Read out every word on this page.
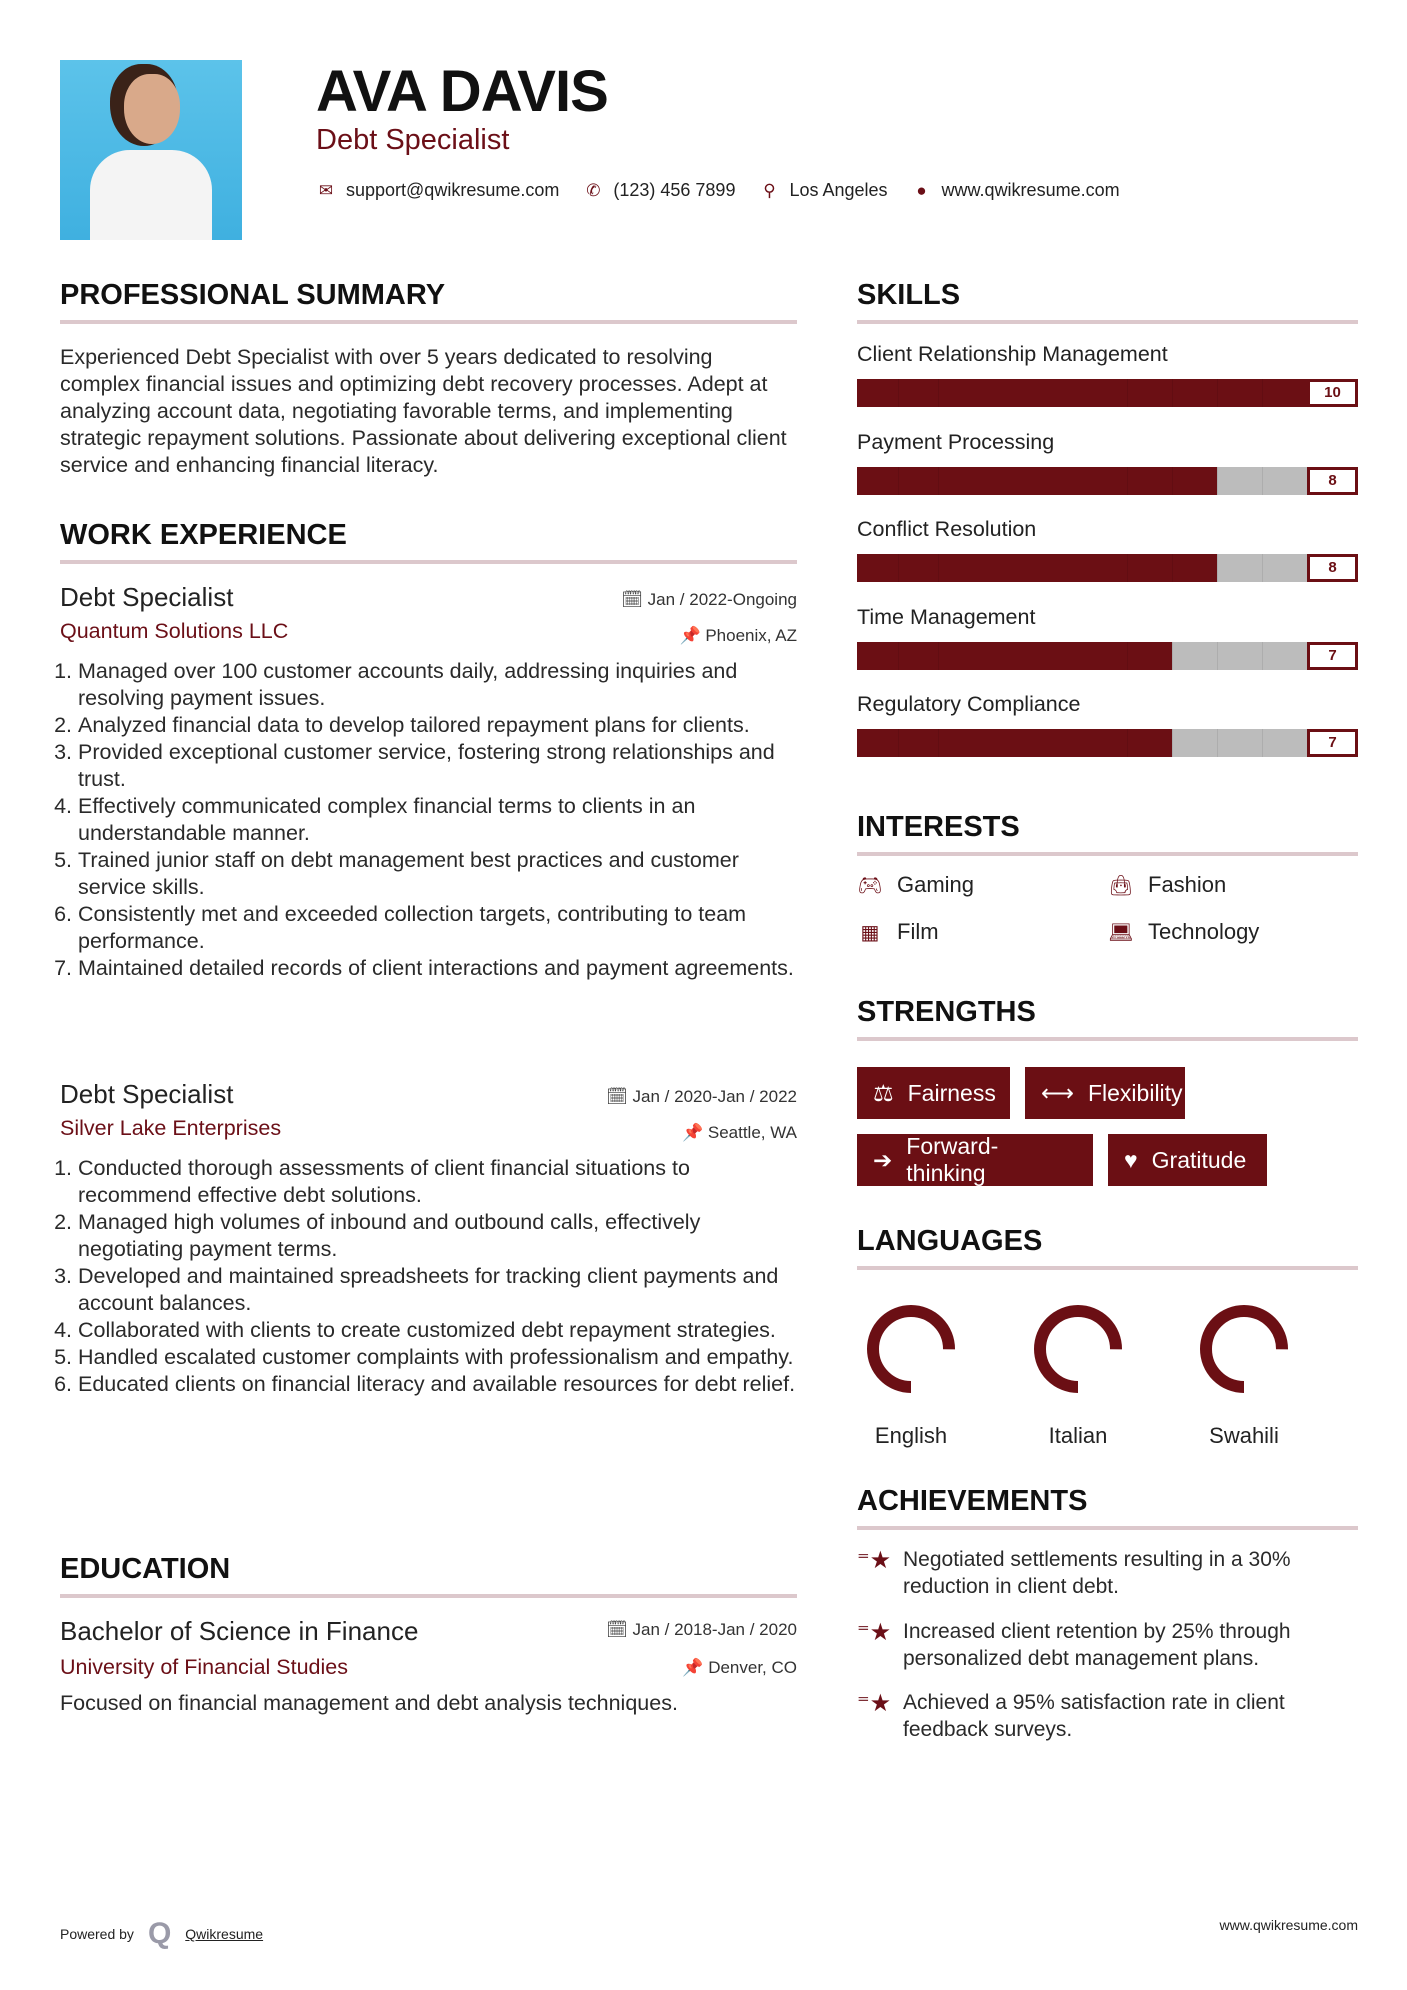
AVA DAVIS
Debt Specialist
✉ support@qwikresume.com ✆ (123) 456 7899 ⚲ Los Angeles ● www.qwikresume.com
PROFESSIONAL SUMMARY
Experienced Debt Specialist with over 5 years dedicated to resolving complex financial issues and optimizing debt recovery processes. Adept at analyzing account data, negotiating favorable terms, and implementing strategic repayment solutions. Passionate about delivering exceptional client service and enhancing financial literacy.
WORK EXPERIENCE
Debt Specialist	🗓 Jan / 2022-Ongoing
Quantum Solutions LLC	📌 Phoenix, AZ
1. Managed over 100 customer accounts daily, addressing inquiries and resolving payment issues.
2. Analyzed financial data to develop tailored repayment plans for clients.
3. Provided exceptional customer service, fostering strong relationships and trust.
4. Effectively communicated complex financial terms to clients in an understandable manner.
5. Trained junior staff on debt management best practices and customer service skills.
6. Consistently met and exceeded collection targets, contributing to team performance.
7. Maintained detailed records of client interactions and payment agreements.
Debt Specialist	🗓 Jan / 2020-Jan / 2022
Silver Lake Enterprises	📌 Seattle, WA
1. Conducted thorough assessments of client financial situations to recommend effective debt solutions.
2. Managed high volumes of inbound and outbound calls, effectively negotiating payment terms.
3. Developed and maintained spreadsheets for tracking client payments and account balances.
4. Collaborated with clients to create customized debt repayment strategies.
5. Handled escalated customer complaints with professionalism and empathy.
6. Educated clients on financial literacy and available resources for debt relief.
EDUCATION
Bachelor of Science in Finance	🗓 Jan / 2018-Jan / 2020
University of Financial Studies	📌 Denver, CO
Focused on financial management and debt analysis techniques.
SKILLS
Client Relationship Management
10
Payment Processing
8
Conflict Resolution
8
Time Management
7
Regulatory Compliance
7
INTERESTS
🎮︎ Gaming	👜︎ Fashion
▦ Film	💻︎ Technology
STRENGTHS
⚖ Fairness ⟷ Flexibility
➔
Forward-thinking
♥ Gratitude
LANGUAGES
English	Italian	Swahili
ACHIEVEMENTS
⁼★ Negotiated settlements resulting in a 30% reduction in client debt.
⁼★ Increased client retention by 25% through personalized debt management plans.
⁼★ Achieved a 95% satisfaction rate in client feedback surveys.
Powered by Q Qwikresume
www.qwikresume.com
